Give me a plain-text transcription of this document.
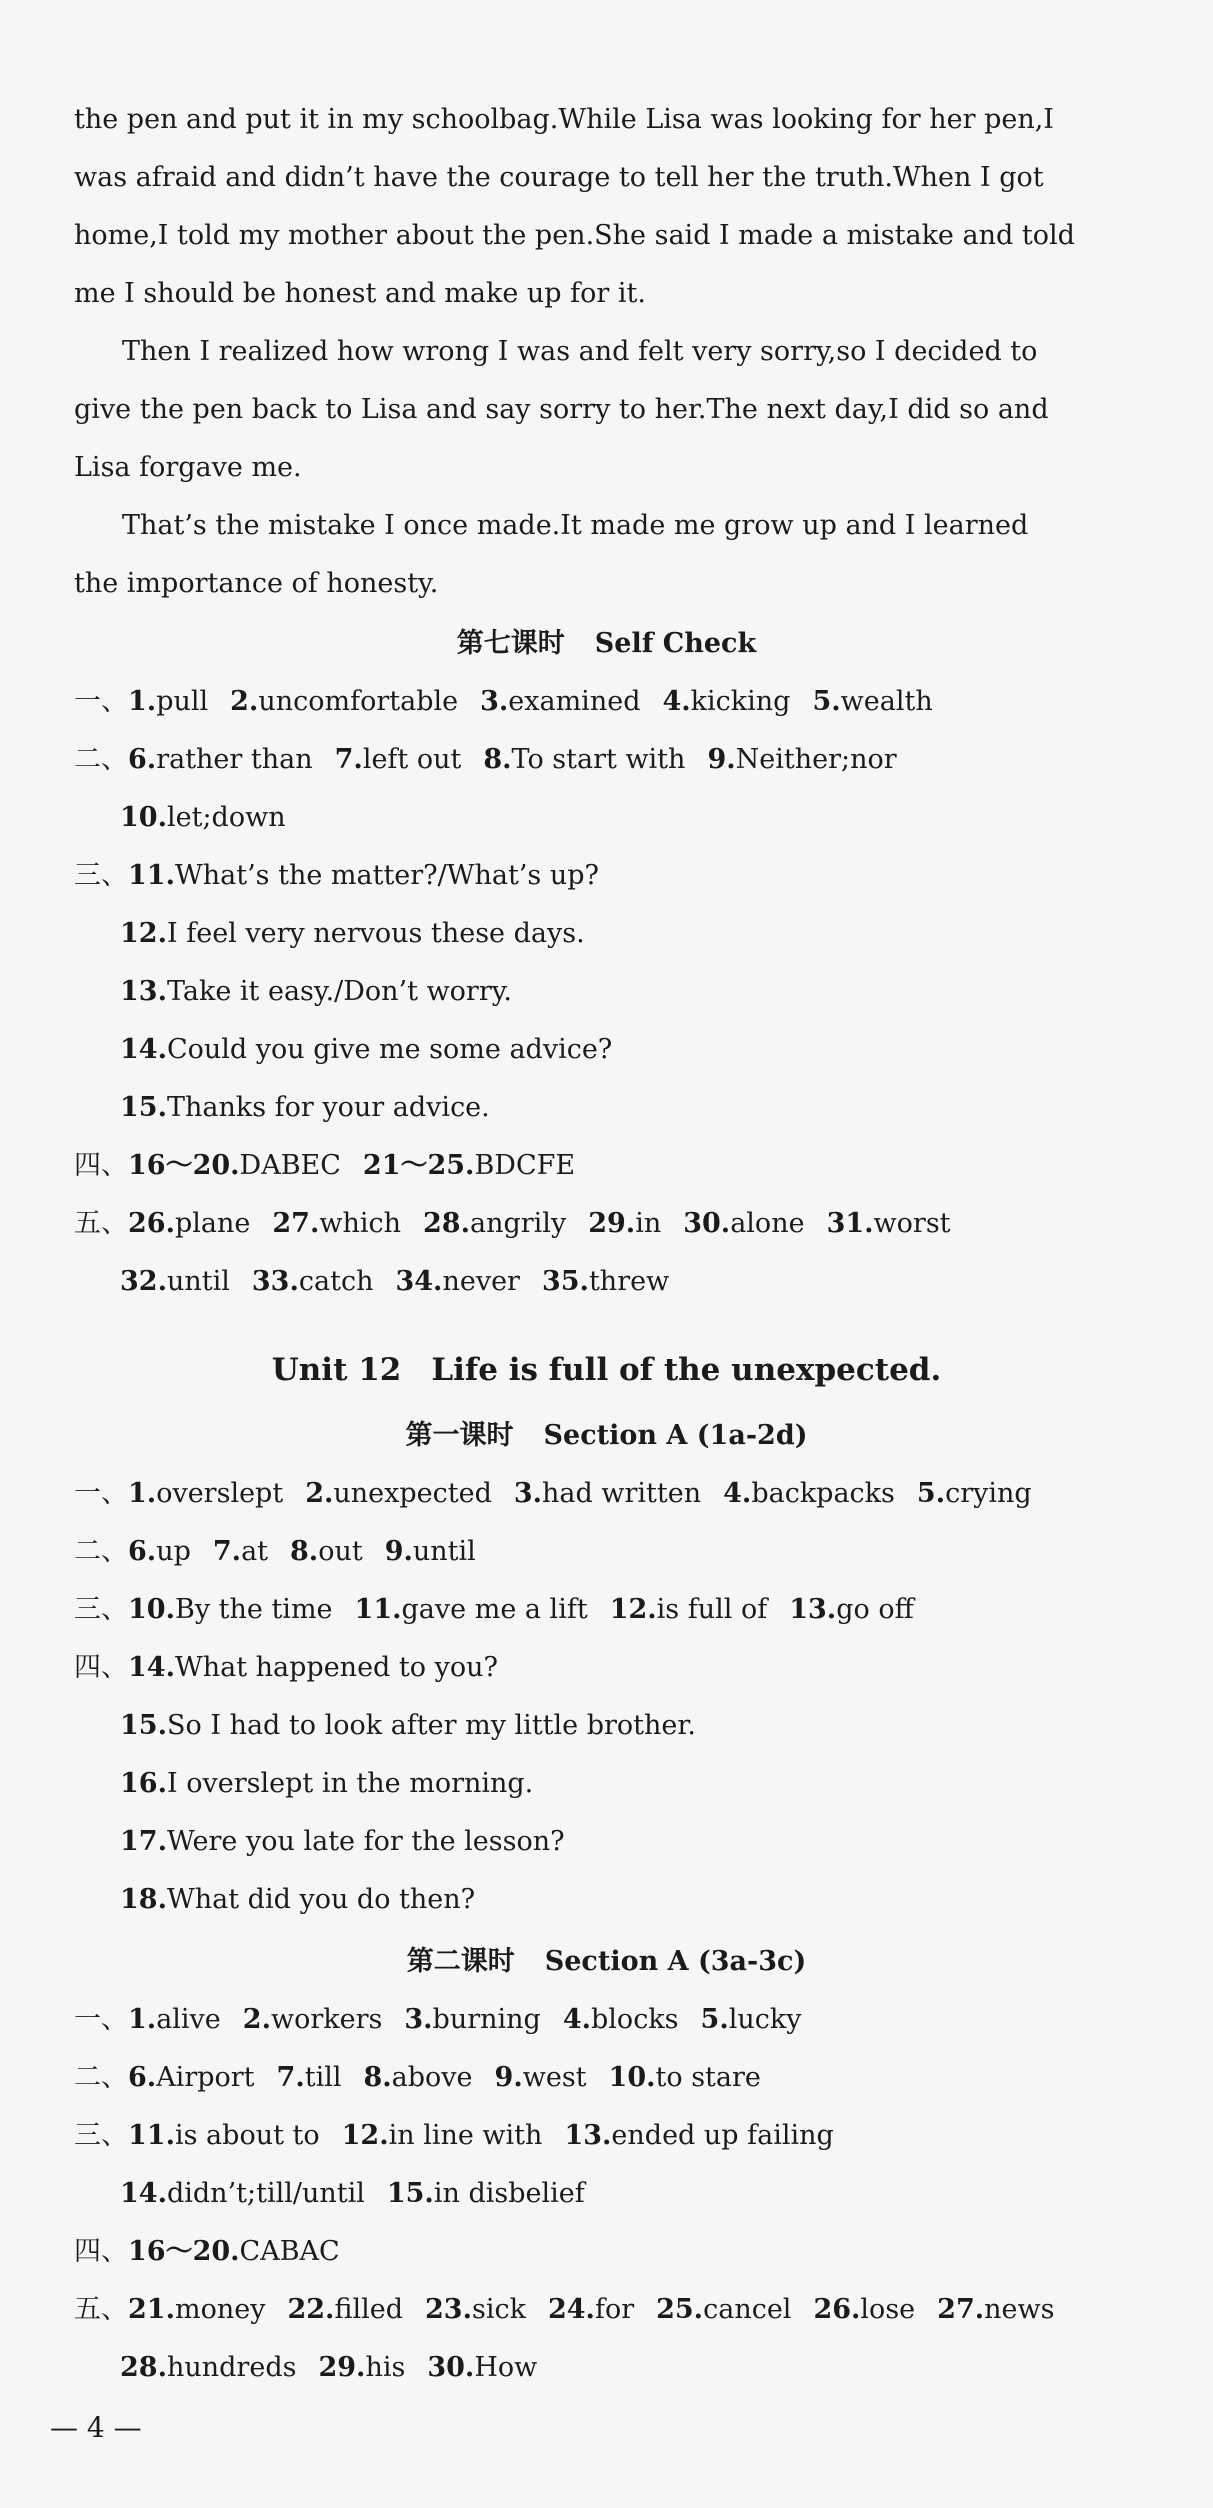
the pen and put it in my schoolbag.While Lisa was looking for her pen,I
was afraid and didn’t have the courage to tell her the truth.When I got
home,I told my mother about the pen.She said I made a mistake and told
me I should be honest and make up for it.
Then I realized how wrong I was and felt very sorry,so I decided to
give the pen back to Lisa and say sorry to her.The next day,I did so and
Lisa forgave me.
That’s the mistake I once made.It made me grow up and I learned
the importance of honesty.
第七课时 Self Check
一、1.pull 2.uncomfortable 3.examined 4.kicking 5.wealth
二、6.rather than 7.left out 8.To start with 9.Neither;nor
10.let;down
三、11.What’s the matter?/What’s up?
12.I feel very nervous these days.
13.Take it easy./Don’t worry.
14.Could you give me some advice?
15.Thanks for your advice.
四、16～20.DABEC 21～25.BDCFE
五、26.plane 27.which 28.angrily 29.in 30.alone 31.worst
32.until 33.catch 34.never 35.threw
Unit 12 Life is full of the unexpected.
第一课时 Section A (1a-2d)
一、1.overslept 2.unexpected 3.had written 4.backpacks 5.crying
二、6.up 7.at 8.out 9.until
三、10.By the time 11.gave me a lift 12.is full of 13.go off
四、14.What happened to you?
15.So I had to look after my little brother.
16.I overslept in the morning.
17.Were you late for the lesson?
18.What did you do then?
第二课时 Section A (3a-3c)
一、1.alive 2.workers 3.burning 4.blocks 5.lucky
二、6.Airport 7.till 8.above 9.west 10.to stare
三、11.is about to 12.in line with 13.ended up failing
14.didn’t;till/until 15.in disbelief
四、16～20.CABAC
五、21.money 22.filled 23.sick 24.for 25.cancel 26.lose 27.news
28.hundreds 29.his 30.How
— 4 —
